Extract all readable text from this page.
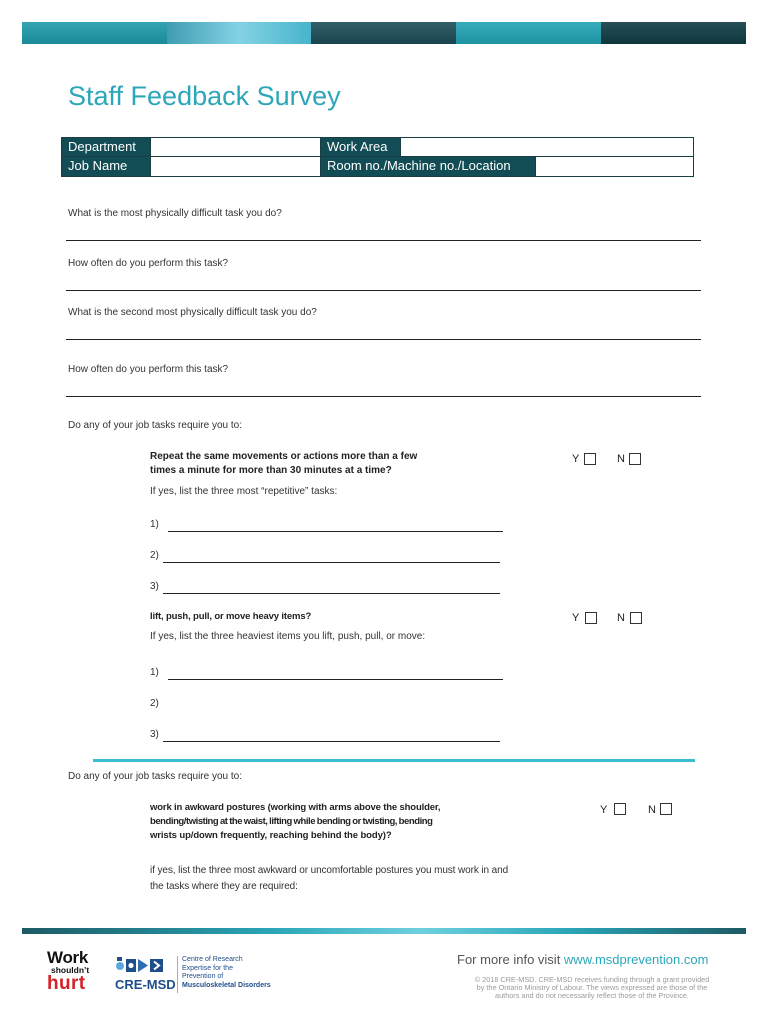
Staff Feedback Survey
Department	Work Area
Job Name	Room no./Machine no./Location
What is the most physically difficult task you do?
How often do you perform this task?
What is the second most physically difficult task you do?
How often do you perform this task?
Do any of your job tasks require you to:
Repeat the same movements or actions more than a few
times a minute for more than 30 minutes at a time?
Y	N
If yes, list the three most “repetitive” tasks:
1)
2)
3)
lift, push, pull, or move heavy items?	Y	N
If yes, list the three heaviest items you lift, push, pull, or move:
1)
2)
3)
Do any of your job tasks require you to:
work in awkward postures (working with arms above the shoulder,
bending/twisting at the waist, lifting while bending or twisting, bending
wrists up/down frequently, reaching behind the body)?
Y	N
if yes, list the three most awkward or uncomfortable postures you must work in and
the tasks where they are required:
Work
shouldn’t
hurt	CRE-MSD
Centre of Research
Expertise for the
Prevention of
Musculoskeletal Disorders
For more info visit www.msdprevention.com
© 2018 CRE-MSD. CRE-MSD receives funding through a grant provided
by the Ontario Ministry of Labour. The views expressed are those of the
authors and do not necessarily reflect those of the Province.
